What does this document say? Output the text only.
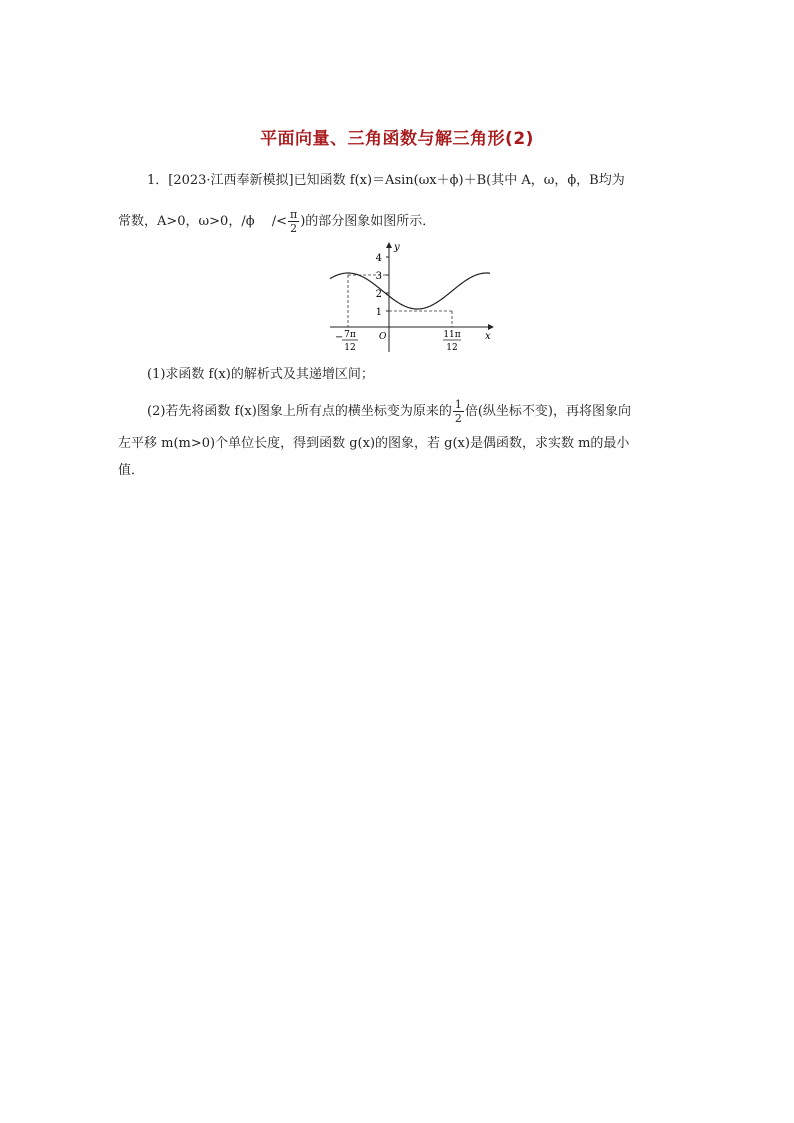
平面向量、三角函数与解三角形(2)
1．[2023·江西奉新模拟]已知函数 f(x)＝Asin(ωx＋ϕ)＋B(其中 A，ω，ϕ，B均为
常数，A>0，ω>0，/ϕ　 /< $\frac{\pi}{2}$ )的部分图象如图所示．
1
2
3
4
y
x
O
− 7π
12
11π
12
(1)求函数 f(x)的解析式及其递增区间；
(2)若先将函数 f(x)图象上所有点的横坐标变为原来的 $\frac{1}{2}$ 倍(纵坐标不变)，再将图象向
左平移 m(m>0)个单位长度，得到函数 g(x)的图象，若 g(x)是偶函数，求实数 m的最小
值．
